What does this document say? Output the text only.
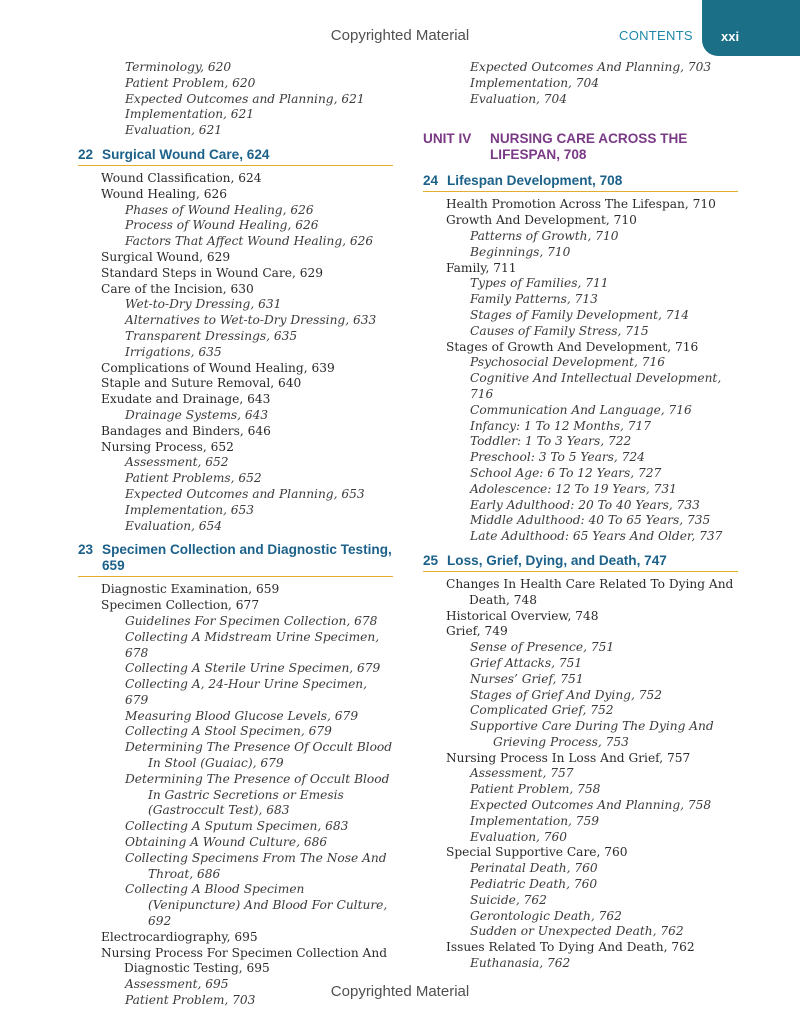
Copyrighted Material	CONTENTS	xxi
Terminology, 620
Patient Problem, 620
Expected Outcomes and Planning, 621
Implementation, 621
Evaluation, 621
22 Surgical Wound Care, 624
Wound Classification, 624
Wound Healing, 626
Phases of Wound Healing, 626
Process of Wound Healing, 626
Factors That Affect Wound Healing, 626
Surgical Wound, 629
Standard Steps in Wound Care, 629
Care of the Incision, 630
Wet-to-Dry Dressing, 631
Alternatives to Wet-to-Dry Dressing, 633
Transparent Dressings, 635
Irrigations, 635
Complications of Wound Healing, 639
Staple and Suture Removal, 640
Exudate and Drainage, 643
Drainage Systems, 643
Bandages and Binders, 646
Nursing Process, 652
Assessment, 652
Patient Problems, 652
Expected Outcomes and Planning, 653
Implementation, 653
Evaluation, 654
23 Specimen Collection and Diagnostic Testing, 659
Diagnostic Examination, 659
Specimen Collection, 677
Guidelines For Specimen Collection, 678
Collecting A Midstream Urine Specimen, 678
Collecting A Sterile Urine Specimen, 679
Collecting A, 24-Hour Urine Specimen, 679
Measuring Blood Glucose Levels, 679
Collecting A Stool Specimen, 679
Determining The Presence Of Occult Blood In Stool (Guaiac), 679
Determining The Presence of Occult Blood In Gastric Secretions or Emesis (Gastroccult Test), 683
Collecting A Sputum Specimen, 683
Obtaining A Wound Culture, 686
Collecting Specimens From The Nose And Throat, 686
Collecting A Blood Specimen (Venipuncture) And Blood For Culture, 692
Electrocardiography, 695
Nursing Process For Specimen Collection And Diagnostic Testing, 695
Assessment, 695
Patient Problem, 703
Expected Outcomes And Planning, 703
Implementation, 704
Evaluation, 704
UNIT IV NURSING CARE ACROSS THE LIFESPAN, 708
24 Lifespan Development, 708
Health Promotion Across The Lifespan, 710
Growth And Development, 710
Patterns of Growth, 710
Beginnings, 710
Family, 711
Types of Families, 711
Family Patterns, 713
Stages of Family Development, 714
Causes of Family Stress, 715
Stages of Growth And Development, 716
Psychosocial Development, 716
Cognitive And Intellectual Development, 716
Communication And Language, 716
Infancy: 1 To 12 Months, 717
Toddler: 1 To 3 Years, 722
Preschool: 3 To 5 Years, 724
School Age: 6 To 12 Years, 727
Adolescence: 12 To 19 Years, 731
Early Adulthood: 20 To 40 Years, 733
Middle Adulthood: 40 To 65 Years, 735
Late Adulthood: 65 Years And Older, 737
25 Loss, Grief, Dying, and Death, 747
Changes In Health Care Related To Dying And Death, 748
Historical Overview, 748
Grief, 749
Sense of Presence, 751
Grief Attacks, 751
Nurses’ Grief, 751
Stages of Grief And Dying, 752
Complicated Grief, 752
Supportive Care During The Dying And Grieving Process, 753
Nursing Process In Loss And Grief, 757
Assessment, 757
Patient Problem, 758
Expected Outcomes And Planning, 758
Implementation, 759
Evaluation, 760
Special Supportive Care, 760
Perinatal Death, 760
Pediatric Death, 760
Suicide, 762
Gerontologic Death, 762
Sudden or Unexpected Death, 762
Issues Related To Dying And Death, 762
Euthanasia, 762
Copyrighted Material
